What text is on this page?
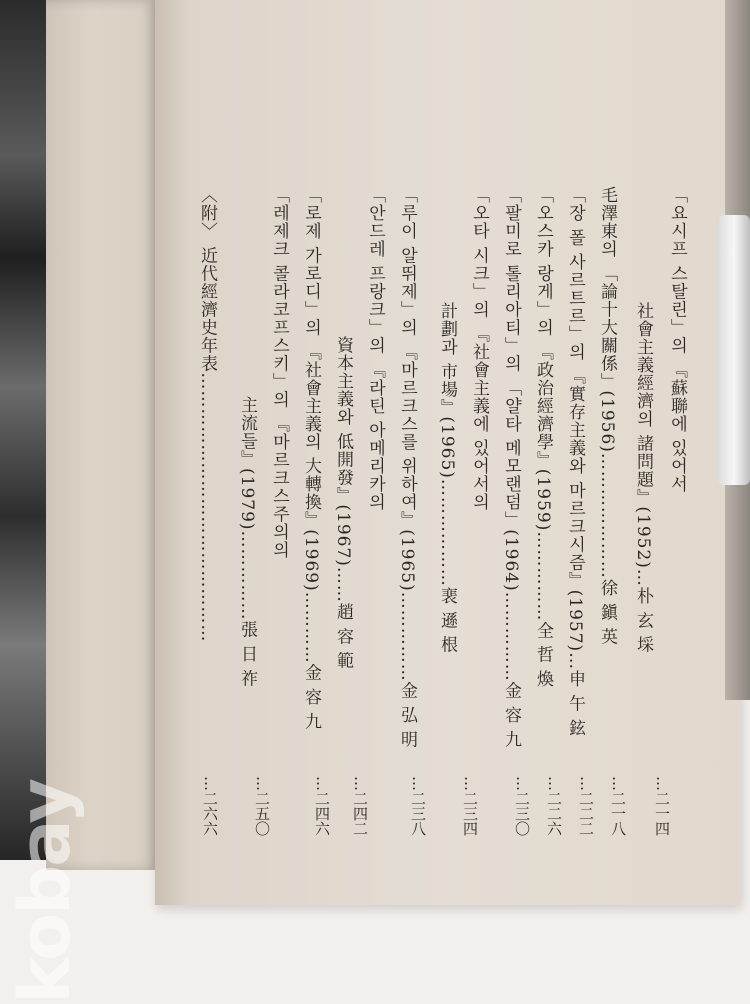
「요시프 스탈린」의 『蘇聯에 있어서
社會主義經濟의 諸問題』(1952)…朴 玄 埰
…二一四
毛澤東의 「論十大關係」(1956)…………………徐 鎭 英
…二一八
「장 폴 사르트르」의 『實存主義와 마르크시즘』(1957)…申 午 鉉
…二二二
「오스카 랑게」의 『政治經濟學』(1959)……………全 哲 煥
…二二六
「팔미로 톨리아티」의 「얄타 메모랜덤」(1964)……………金 容 九
…二三〇
「오타 시크」의 『社會主義에 있어서의
計劃과 市場』(1965)………………裵 遜 根
…二三四
「루이 알뛰제」의 『마르크스를 위하여』(1965)……………金 弘 明
…二三八
「안드레 프랑크」의 『라틴 아메리카의
資本主義와 低開發』(1967)……趙 容 範
…二四二
「로제 가로디」의 『社會主義의 大轉換』(1969)…………金 容 九
…二四六
「레제크 콜라코프스키」의 『마르크스주의의
主流들』(1979)……………張 日 祚
…二五〇
〈附〉 近代經濟史年表………………………………………
…二六六
kobay
